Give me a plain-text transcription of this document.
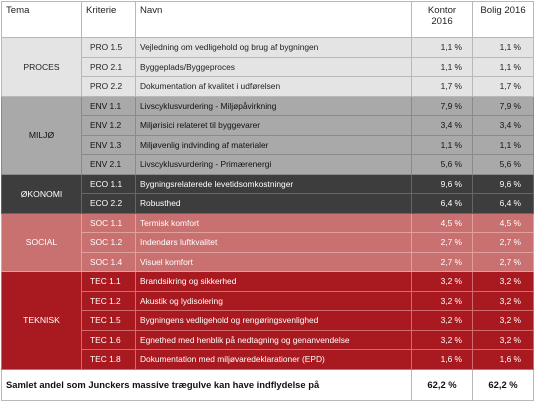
Tema	Kriterie	Navn	Kontor 2016	Bolig 2016
PROCES	PRO 1.5	Vejledning om vedligehold og brug af bygningen	1,1 %	1,1 %
	PRO 2.1	Byggeplads/Byggeproces	1,1 %	1,1 %
	PRO 2.2	Dokumentation af kvalitet i udførelsen	1,7 %	1,7 %
MILJØ	ENV 1.1	Livscyklusvurdering - Miljøpåvirkning	7,9 %	7,9 %
	ENV 1.2	Miljørisici relateret til byggevarer	3,4 %	3,4 %
	ENV 1.3	Miljøvenlig indvinding af materialer	1,1 %	1,1 %
	ENV 2.1	Livscyklusvurdering - Primærenergi	5,6 %	5,6 %
ØKONOMI	ECO 1.1	Bygningsrelaterede levetidsomkostninger	9,6 %	9,6 %
	ECO 2.2	Robusthed	6,4 %	6,4 %
SOCIAL	SOC 1.1	Termisk komfort	4,5 %	4,5 %
	SOC 1.2	Indendørs luftkvalitet	2,7 %	2,7 %
	SOC 1.4	Visuel komfort	2,7 %	2,7 %
TEKNISK	TEC 1.1	Brandsikring og sikkerhed	3,2 %	3,2 %
	TEC 1.2	Akustik og lydisolering	3,2 %	3,2 %
	TEC 1.5	Bygningens vedligehold og rengøringsvenlighed	3,2 %	3,2 %
	TEC 1.6	Egnethed med henblik på nedtagning og genanvendelse	3,2 %	3,2 %
	TEC 1.8	Dokumentation med miljøvaredeklarationer (EPD)	1,6 %	1,6 %
Samlet andel som Junckers massive trægulve kan have indflydelse på			62,2 %	62,2 %
